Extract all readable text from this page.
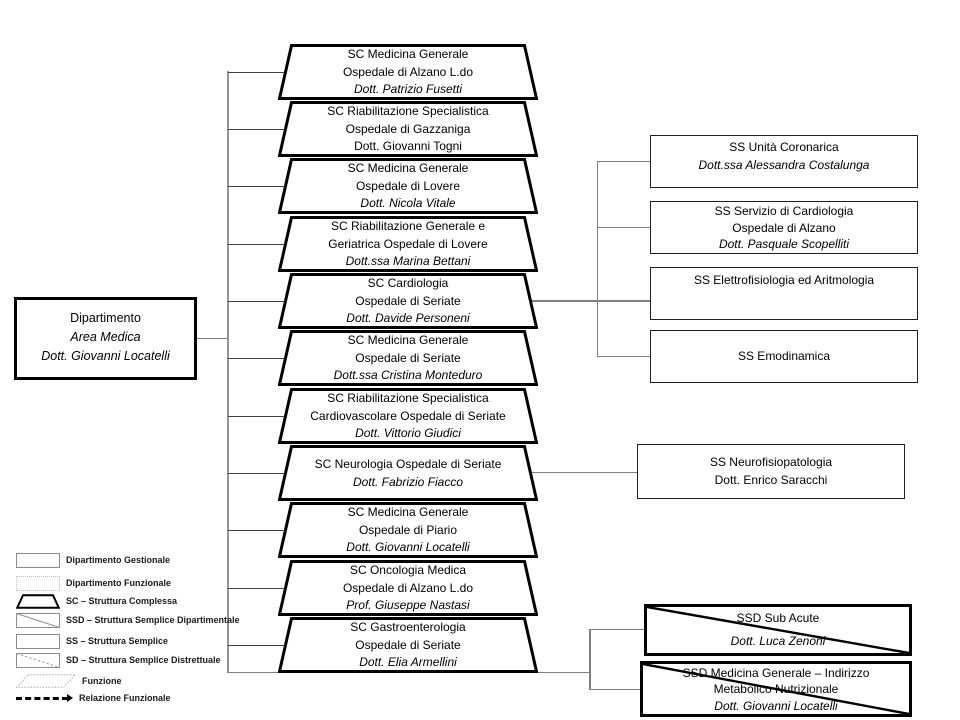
Dipartimento
Area Medica
Dott. Giovanni Locatelli
SC Medicina Generale
Ospedale di Alzano L.do
Dott. Patrizio Fusetti
SC Riabilitazione Specialistica
Ospedale di Gazzaniga
Dott. Giovanni Togni
SC Medicina Generale
Ospedale di Lovere
Dott. Nicola Vitale
SC Riabilitazione Generale e
Geriatrica Ospedale di Lovere
Dott.ssa Marina Bettani
SC Cardiologia
Ospedale di Seriate
Dott. Davide Personeni
SC Medicina Generale
Ospedale di Seriate
Dott.ssa Cristina Monteduro
SC Riabilitazione Specialistica
Cardiovascolare Ospedale di Seriate
Dott. Vittorio Giudici
SC Neurologia Ospedale di Seriate
Dott. Fabrizio Fiacco
SC Medicina Generale
Ospedale di Piario
Dott. Giovanni Locatelli
SC Oncologia Medica
Ospedale di Alzano L.do
Prof. Giuseppe Nastasi
SC Gastroenterologia
Ospedale di Seriate
Dott. Elia Armellini
SS Unità Coronarica
Dott.ssa Alessandra Costalunga
SS Servizio di Cardiologia
Ospedale di Alzano
Dott. Pasquale Scopelliti
SS Elettrofisiologia ed Aritmologia
SS Emodinamica
SS Neurofisiopatologia
Dott. Enrico Saracchi
SSD Sub Acute
Dott. Luca Zenoni
SSD Medicina Generale – Indirizzo
Metabolico Nutrizionale
Dott. Giovanni Locatelli
Dipartimento Gestionale
Dipartimento Funzionale
SC – Struttura Complessa
SSD – Struttura Semplice Dipartimentale
SS – Struttura Semplice
SD – Struttura Semplice Distrettuale
Funzione
Relazione Funzionale
